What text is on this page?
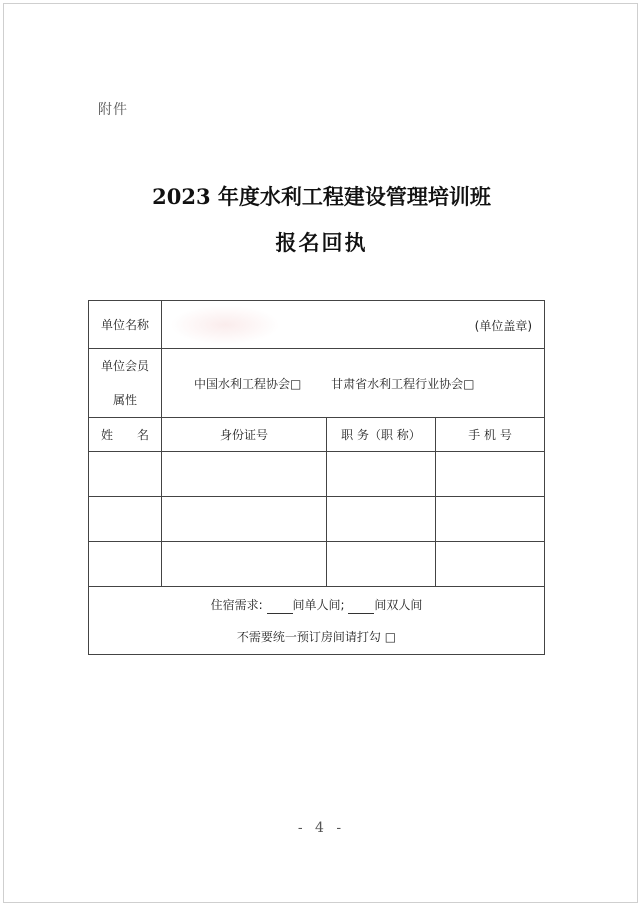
附件
2023 年度水利工程建设管理培训班
报名回执
单位名称	(单位盖章)		

单位会员
属性	中国水利工程协会□ 甘肃省水利工程行业协会□		
姓　　名	身份证号	职 务（职 称）	手 机 号

住宿需求: 间单人间; 间双人间
不需要统一预订房间请打勾 □			
- 4 -
